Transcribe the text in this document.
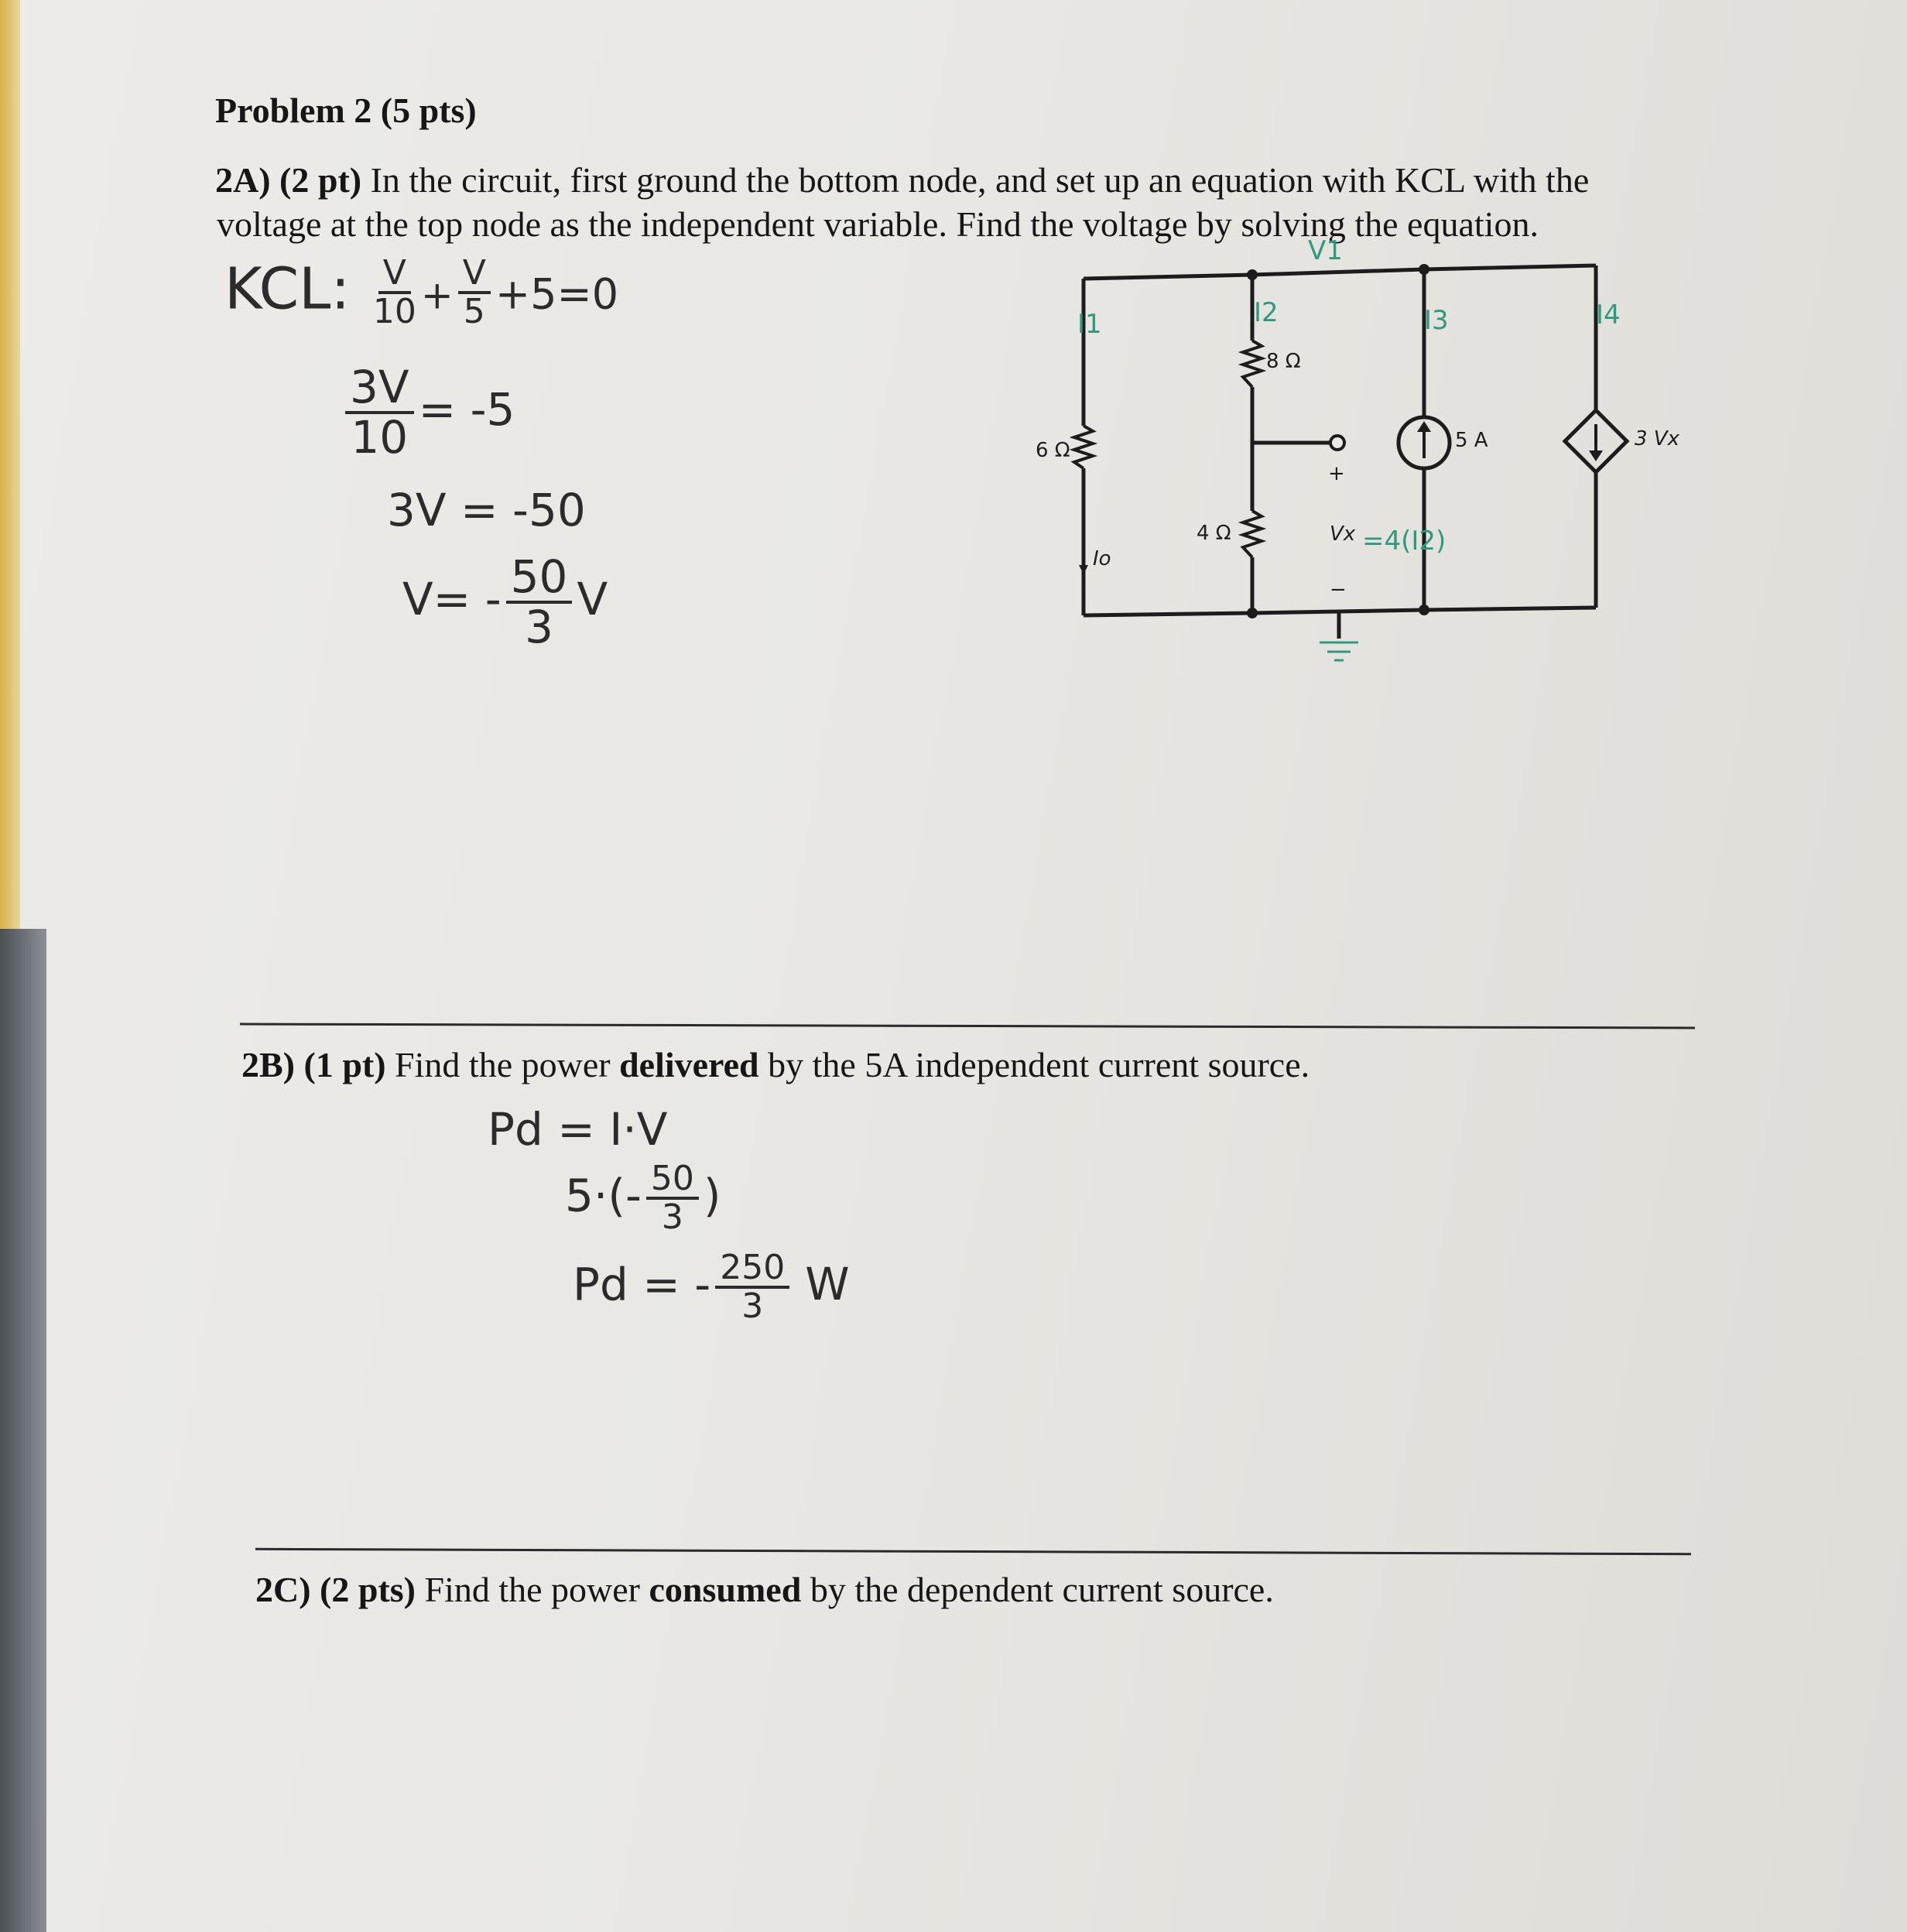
Problem 2 (5 pts)
2A) (2 pt) In the circuit, first ground the bottom node, and set up an equation with KCL with the
voltage at the top node as the independent variable. Find the voltage by solving the equation.
KCL: $\frac{V}{10} + \frac{V}{5} +5=0$
$\frac{3V}{10} = -5$
3V = -50
$V= - \frac{50}{3}$ V
6 Ω
8 Ω
4 Ω
5 A	3 Vx
Io
+
−
Vx
V1
I1	I2	I3	I4
=4(I2)
2B) (1 pt) Find the power delivered by the 5A independent current source.
Pd = I·V
$5\cdot(- \frac{50}{3}$ )
Pd = - $\frac{250}{3}$ W
2C) (2 pts) Find the power consumed by the dependent current source.
